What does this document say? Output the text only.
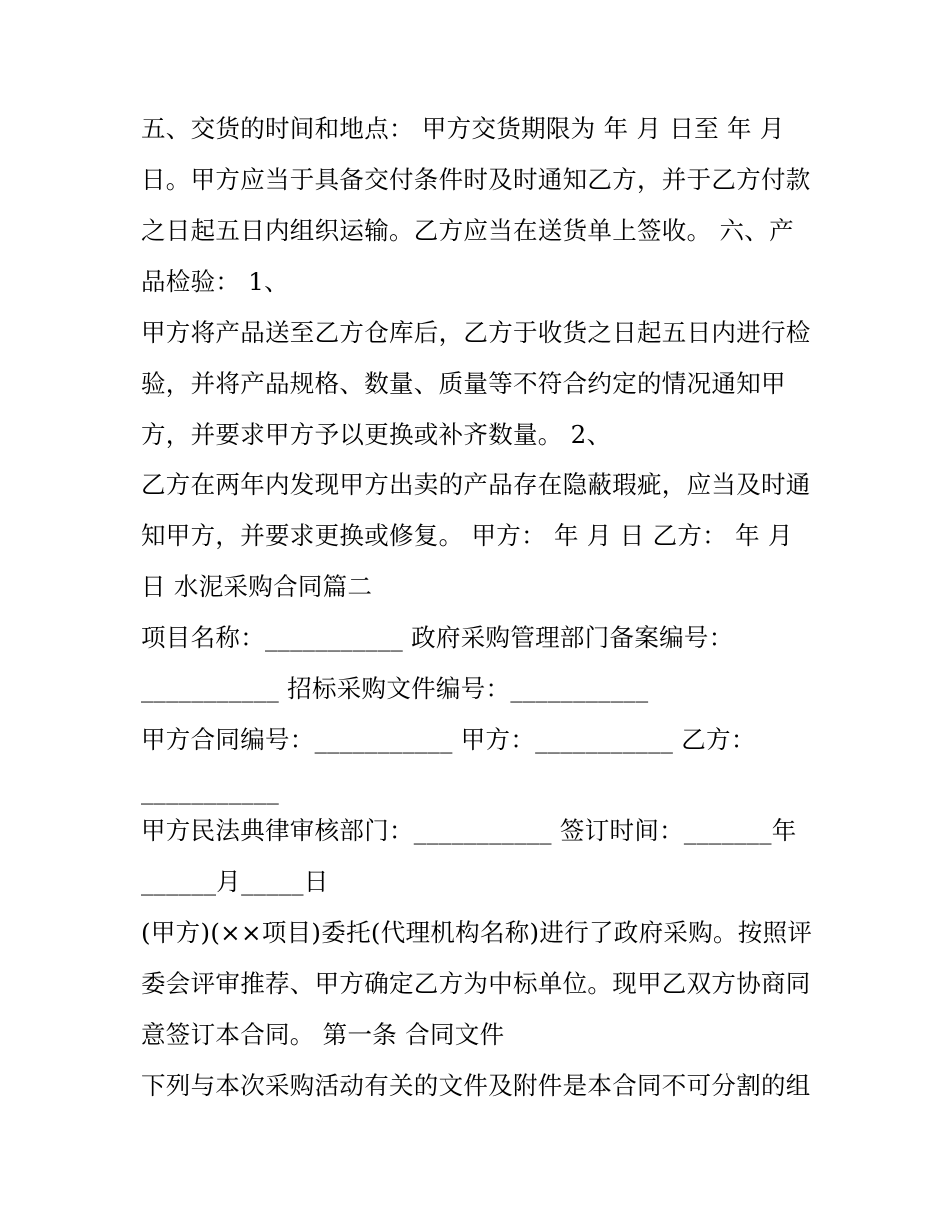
五、交货的时间和地点： 甲方交货期限为 年 月 日至 年 月
日。甲方应当于具备交付条件时及时通知乙方，并于乙方付款
之日起五日内组织运输。乙方应当在送货单上签收。 六、产
品检验： 1、
甲方将产品送至乙方仓库后，乙方于收货之日起五日内进行检
验，并将产品规格、数量、质量等不符合约定的情况通知甲
方，并要求甲方予以更换或补齐数量。 2、
乙方在两年内发现甲方出卖的产品存在隐蔽瑕疵，应当及时通
知甲方，并要求更换或修复。 甲方： 年 月 日 乙方： 年 月
日 水泥采购合同篇二
项目名称：___________ 政府采购管理部门备案编号：
___________ 招标采购文件编号：___________
甲方合同编号：___________ 甲方：___________ 乙方：
___________
甲方民法典律审核部门：___________ 签订时间：_______年
______月_____日
(甲方)(××项目)委托(代理机构名称)进行了政府采购。按照评
委会评审推荐、甲方确定乙方为中标单位。现甲乙双方协商同
意签订本合同。 第一条 合同文件
下列与本次采购活动有关的文件及附件是本合同不可分割的组
